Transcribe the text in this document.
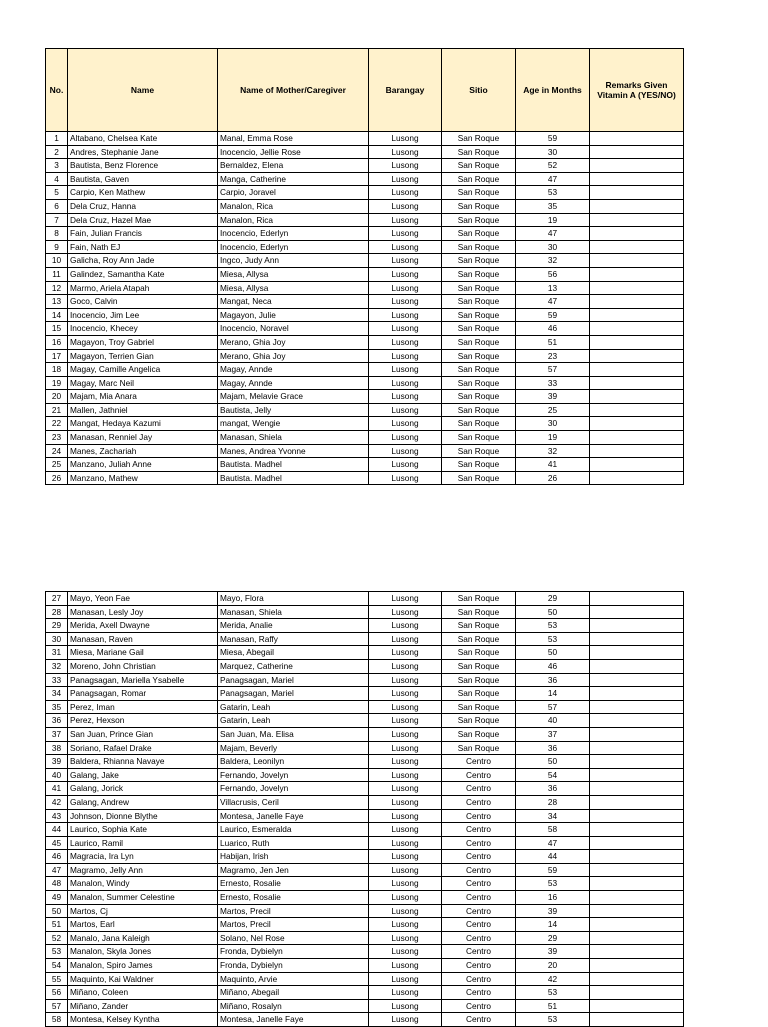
No.	Name	Name of Mother/Caregiver	Barangay	Sitio	Age in Months	Remarks Given Vitamin A (YES/NO)
1	Altabano, Chelsea Kate	Manal, Emma Rose	Lusong	San Roque	59	
2	Andres, Stephanie Jane	Inocencio, Jellie Rose	Lusong	San Roque	30	
3	Bautista, Benz Florence	Bernaldez, Elena	Lusong	San Roque	52	
4	Bautista, Gaven	Manga, Catherine	Lusong	San Roque	47	
5	Carpio, Ken Mathew	Carpio, Joravel	Lusong	San Roque	53	
6	Dela Cruz, Hanna	Manalon, Rica	Lusong	San Roque	35	
7	Dela Cruz, Hazel Mae	Manalon, Rica	Lusong	San Roque	19	
8	Fain, Julian Francis	Inocencio, Ederlyn	Lusong	San Roque	47	
9	Fain, Nath EJ	Inocencio, Ederlyn	Lusong	San Roque	30	
10	Galicha, Roy Ann Jade	Ingco, Judy Ann	Lusong	San Roque	32	
11	Galindez, Samantha Kate	Miesa, Allysa	Lusong	San Roque	56	
12	Marmo, Ariela Atapah	Miesa, Allysa	Lusong	San Roque	13	
13	Goco, Calvin	Mangat, Neca	Lusong	San Roque	47	
14	Inocencio, Jim Lee	Magayon, Julie	Lusong	San Roque	59	
15	Inocencio, Khecey	Inocencio, Noravel	Lusong	San Roque	46	
16	Magayon, Troy Gabriel	Merano, Ghia Joy	Lusong	San Roque	51	
17	Magayon, Terrien Gian	Merano, Ghia Joy	Lusong	San Roque	23	
18	Magay, Camille Angelica	Magay, Annde	Lusong	San Roque	57	
19	Magay, Marc Neil	Magay, Annde	Lusong	San Roque	33	
20	Majam, Mia Anara	Majam, Melavie Grace	Lusong	San Roque	39	
21	Mallen, Jathniel	Bautista, Jelly	Lusong	San Roque	25	
22	Mangat, Hedaya Kazumi	mangat, Wengie	Lusong	San Roque	30	
23	Manasan, Renniel Jay	Manasan, Shiela	Lusong	San Roque	19	
24	Manes, Zachariah	Manes, Andrea Yvonne	Lusong	San Roque	32	
25	Manzano, Juliah Anne	Bautista. Madhel	Lusong	San Roque	41	
26	Manzano, Mathew	Bautista. Madhel	Lusong	San Roque	26	
27	Mayo, Yeon Fae	Mayo, Flora	Lusong	San Roque	29	
28	Manasan, Lesly Joy	Manasan, Shiela	Lusong	San Roque	50	
29	Merida, Axell Dwayne	Merida, Analie	Lusong	San Roque	53	
30	Manasan, Raven	Manasan, Raffy	Lusong	San Roque	53	
31	Miesa, Mariane Gail	Miesa, Abegail	Lusong	San Roque	50	
32	Moreno, John Christian	Marquez, Catherine	Lusong	San Roque	46	
33	Panagsagan, Mariella Ysabelle	Panagsagan, Mariel	Lusong	San Roque	36	
34	Panagsagan, Romar	Panagsagan, Mariel	Lusong	San Roque	14	
35	Perez, Iman	Gatarin, Leah	Lusong	San Roque	57	
36	Perez, Hexson	Gatarin, Leah	Lusong	San Roque	40	
37	San Juan, Prince Gian	San Juan, Ma. Elisa	Lusong	San Roque	37	
38	Soriano, Rafael Drake	Majam, Beverly	Lusong	San Roque	36	
39	Baldera, Rhianna Navaye	Baldera, Leonilyn	Lusong	Centro	50	
40	Galang, Jake	Fernando, Jovelyn	Lusong	Centro	54	
41	Galang, Jorick	Fernando, Jovelyn	Lusong	Centro	36	
42	Galang, Andrew	Villacrusis, Ceril	Lusong	Centro	28	
43	Johnson, Dionne Blythe	Montesa, Janelle Faye	Lusong	Centro	34	
44	Laurico, Sophia Kate	Laurico, Esmeralda	Lusong	Centro	58	
45	Laurico, Ramil	Luarico, Ruth	Lusong	Centro	47	
46	Magracia, Ira Lyn	Habijan, Irish	Lusong	Centro	44	
47	Magramo, Jelly Ann	Magramo, Jen Jen	Lusong	Centro	59	
48	Manalon, Windy	Ernesto, Rosalie	Lusong	Centro	53	
49	Manalon, Summer Celestine	Ernesto, Rosalie	Lusong	Centro	16	
50	Martos, Cj	Martos, Precil	Lusong	Centro	39	
51	Martos, Earl	Martos, Precil	Lusong	Centro	14	
52	Manalo, Jana Kaleigh	Solano, Nel Rose	Lusong	Centro	29	
53	Manalon, Skyla Jones	Fronda, Dybielyn	Lusong	Centro	39	
54	Manalon, Spiro James	Fronda, Dybielyn	Lusong	Centro	20	
55	Maquinto, Kai Waldner	Maquinto, Arvie	Lusong	Centro	42	
56	Miñano, Coleen	Miñano, Abegail	Lusong	Centro	53	
57	Miñano, Zander	Miñano, Rosalyn	Lusong	Centro	51	
58	Montesa, Kelsey Kyntha	Montesa, Janelle Faye	Lusong	Centro	53	
